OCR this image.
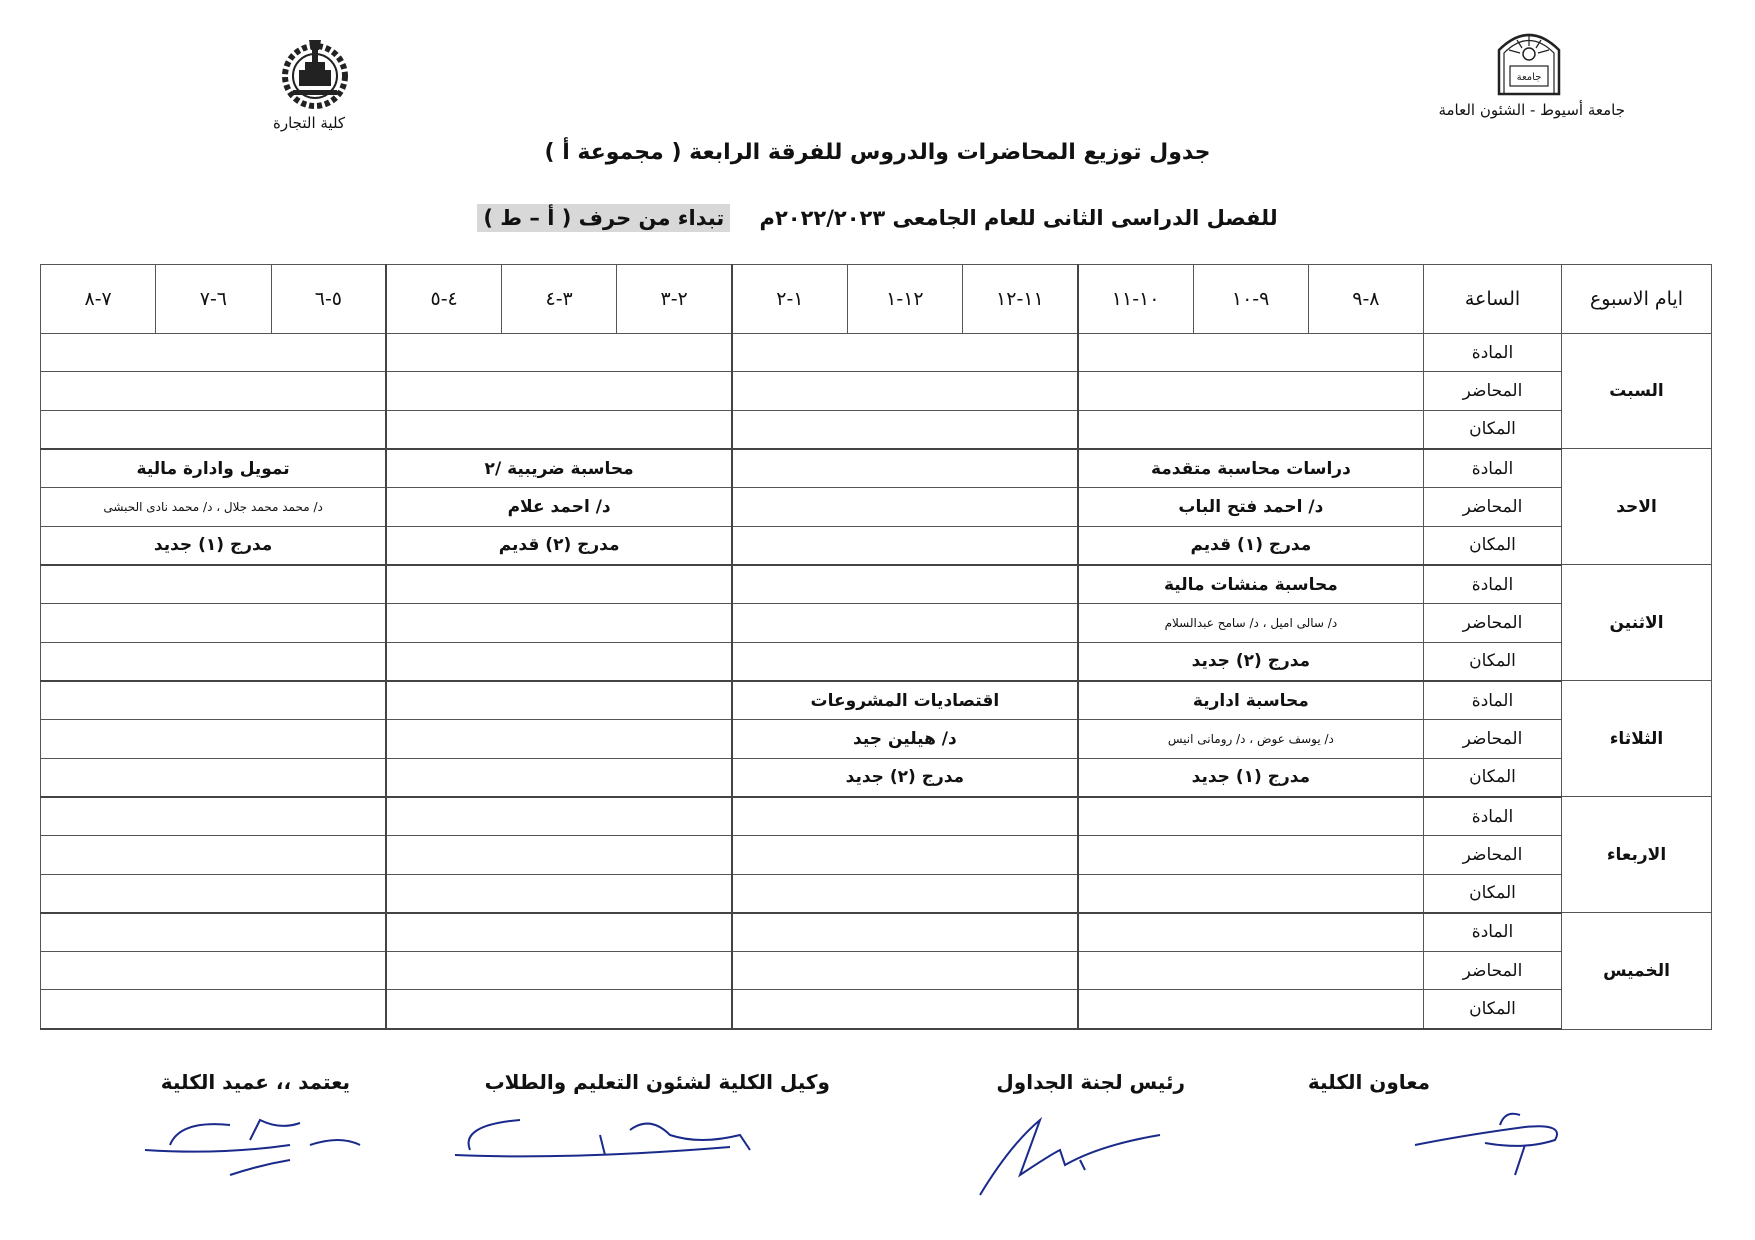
جامعة
جامعة أسيوط - الشئون العامة
كلية التجارة
جدول توزيع المحاضرات والدروس للفرقة الرابعة ( مجموعة أ )
للفصل الدراسى الثانى للعام الجامعى ٢٠٢٢/٢٠٢٣م    تبداء من حرف ( أ – ط )
ايام الاسبوع	الساعة	٨-٩	٩-١٠	١٠-١١	١١-١٢	١٢-١	١-٢	٢-٣	٣-٤	٤-٥	٥-٦	٦-٧	٧-٨
السبت	المادة												
	المحاضر												
	المكان												
الاحد	المادة	دراسات محاسبة متقدمة						محاسبة ضريبية /٢			تمويل وادارة مالية		
	المحاضر	د/ احمد فتح الباب						د/ احمد علام			د/ محمد محمد جلال ، د/ محمد نادى الحبشى		
	المكان	مدرج (١) قديم						مدرج (٢) قديم			مدرج (١) جديد		
الاثنين	المادة	محاسبة منشات مالية											
	المحاضر	د/ سالى اميل ، د/ سامح عبدالسلام											
	المكان	مدرج (٢) جديد											
الثلاثاء	المادة	محاسبة ادارية			اقتصاديات المشروعات								
	المحاضر	د/ يوسف عوض ، د/ رومانى انيس			د/ هيلين جيد								
	المكان	مدرج (١) جديد			مدرج (٢) جديد								
الاربعاء	المادة												
	المحاضر												
	المكان												
الخميس	المادة												
	المحاضر												
	المكان												
معاون الكلية
رئيس لجنة الجداول
وكيل الكلية لشئون التعليم والطلاب
يعتمد ،، عميد الكلية
